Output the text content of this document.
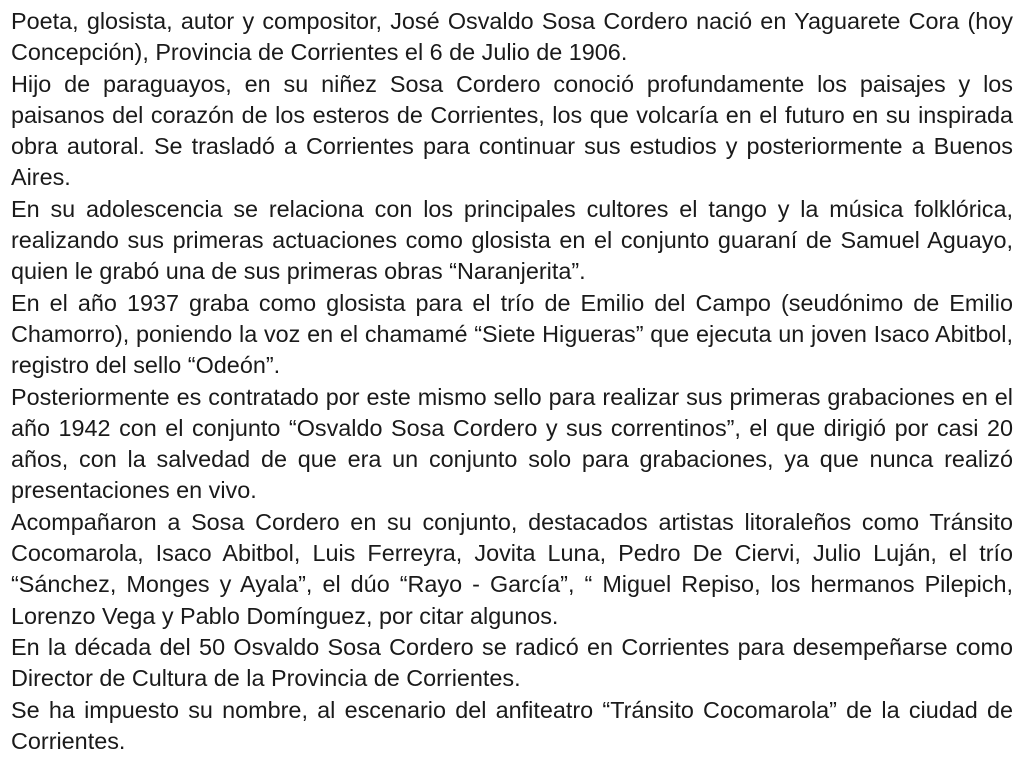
Poeta, glosista, autor y compositor, José Osvaldo Sosa Cordero nació en Yaguarete Cora (hoy Concepción), Provincia de Corrientes el 6 de Julio de 1906.

Hijo de paraguayos, en su niñez Sosa Cordero conoció profundamente los paisajes y los paisanos del corazón de los esteros de Corrientes, los que volcaría en el futuro en su inspirada obra autoral. Se trasladó a Corrientes para continuar sus estudios y posteriormente a Buenos Aires.

En su adolescencia se relaciona con los principales cultores el tango y la música folklórica, realizando sus primeras actuaciones como glosista en el conjunto guaraní de Samuel Aguayo, quien le grabó una de sus primeras obras “Naranjerita”.

En el año 1937 graba como glosista para el trío de Emilio del Campo (seudónimo de Emilio Chamorro), poniendo la voz en el chamamé “Siete Higueras” que ejecuta un joven Isaco Abitbol, registro del sello “Odeón”.

Posteriormente es contratado por este mismo sello para realizar sus primeras grabaciones en el año 1942 con el conjunto “Osvaldo Sosa Cordero y sus correntinos”, el que dirigió por casi 20 años, con la salvedad de que era un conjunto solo para grabaciones, ya que nunca realizó presentaciones en vivo.

Acompañaron a Sosa Cordero en su conjunto, destacados artistas litoraleños como Tránsito Cocomarola, Isaco Abitbol, Luis Ferreyra, Jovita Luna, Pedro De Ciervi, Julio Luján, el trío “Sánchez, Monges y Ayala”, el dúo “Rayo - García”, “ Miguel Repiso, los hermanos Pilepich, Lorenzo Vega y Pablo Domínguez, por citar algunos.

En la década del 50 Osvaldo Sosa Cordero se radicó en Corrientes para desempeñarse como Director de Cultura de la Provincia de Corrientes.

Se ha impuesto su nombre, al escenario del anfiteatro “Tránsito Cocomarola” de la ciudad de Corrientes.
